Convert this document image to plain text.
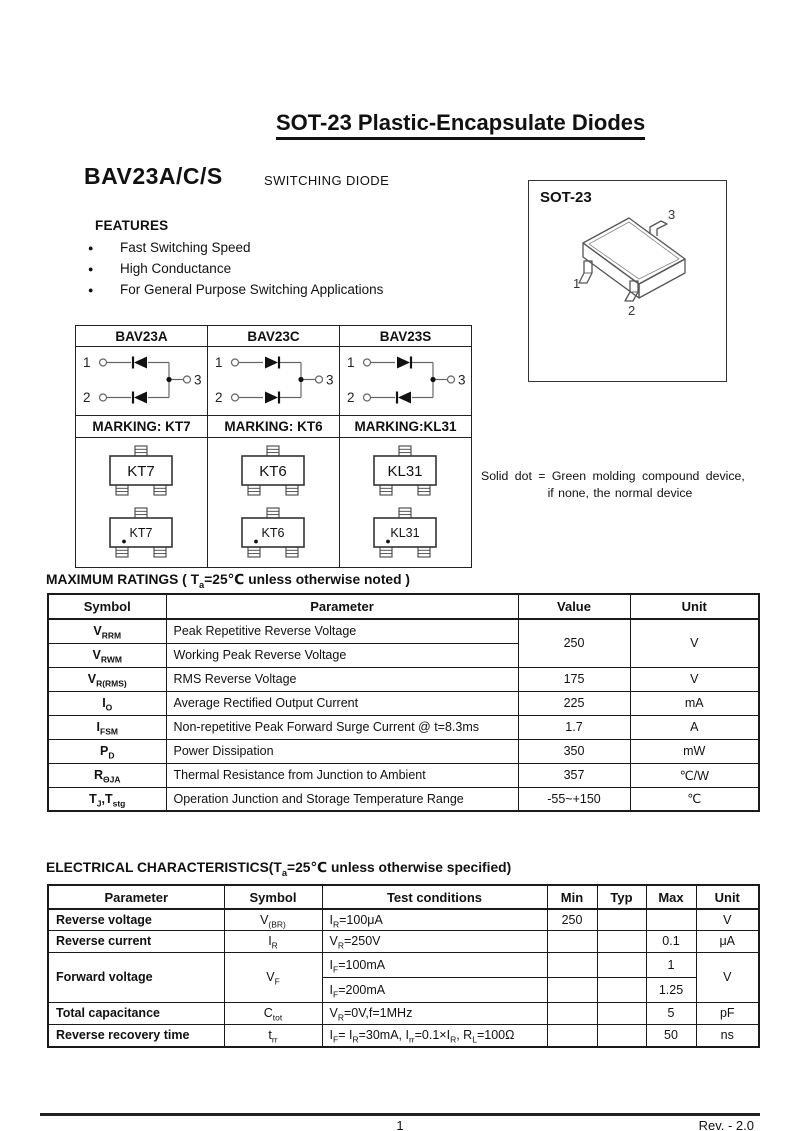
SOT-23 Plastic-Encapsulate Diodes
BAV23A/C/S	SWITCHING DIODE
FEATURES
●	Fast Switching Speed
●	High Conductance
●	For General Purpose Switching Applications	1
2
3
SOT-23
BAV23A	BAV23C	BAV23S

1
2
3	1
2
3	1
2
3

MARKING: KT7	MARKING: KT6	MARKING:KL31

KT7
KT7	KT6
KT6	KL31
KL31
Solid dot = Green molding compound device,
if none, the normal device
MAXIMUM RATINGS ( $T_a=25℃$ unless otherwise noted )
Symbol	Parameter	Value	Unit
$V_{RRM}$	Peak Repetitive Reverse Voltage	250	V
$V_{RWM}$	Working Peak Reverse Voltage		
$V_{R(RMS)}$	RMS Reverse Voltage	175	V
$I_O$	Average Rectified Output Current	225	mA
$I_{FSM}$	Non-repetitive Peak Forward Surge Current @ t=8.3ms	1.7	A
$P_D$	Power Dissipation	350	mW
$R_{\Theta JA}$	Thermal Resistance from Junction to Ambient	357	℃/W
$T_J,T_{stg}$	Operation Junction and Storage Temperature Range	-55~+150	℃
ELECTRICAL $CHARACTERISTICS(T_a=25℃$ unless otherwise specified)
Parameter	Symbol	Test conditions	Min	Typ	Max	Unit
Reverse voltage	$V_{(BR)}$	$I_R=100\mu A$	250			V
Reverse current	$I_R$	$V_R=250V$			0.1	μA
Forward voltage	$V_F$	$I_F=100mA$			1	V
		$I_F=200mA$			1.25	
Total capacitance	$C_{tot}$	$V_R=0V,f=1MHz$			5	pF
Reverse recovery time	$t_{rr}$	$I_F= I_R=30mA$, $I_{rr}=0.1\times I_R$, $R_L=100\Omega$			50	ns
1	Rev. - 2.0
